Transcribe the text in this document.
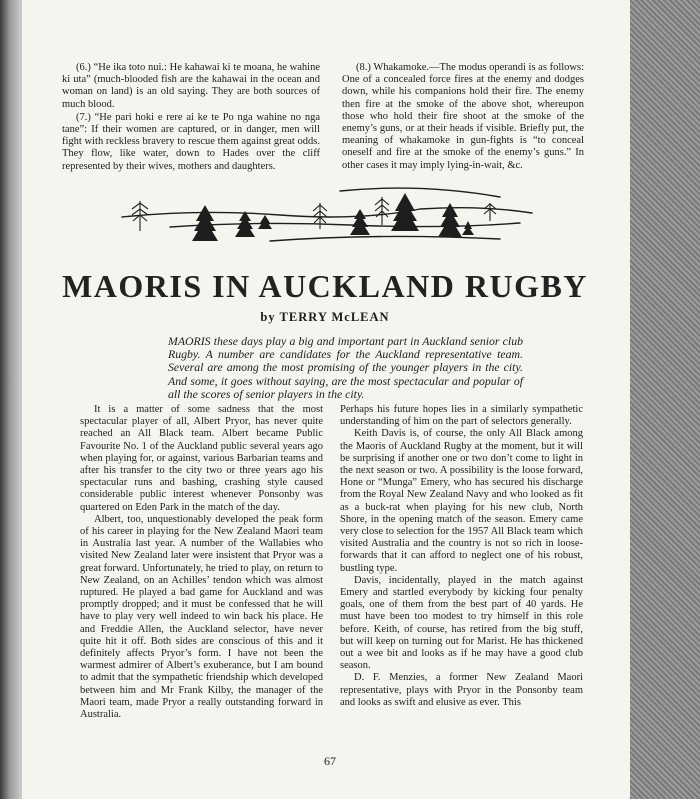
(6.) “He ika toto nui.: He kahawai ki te moana, he wahine ki uta” (much-blooded fish are the kahawai in the ocean and woman on land) is an old saying. They are both sources of much blood.

(7.) “He pari hoki e rere ai ke te Po nga wahine no nga tane”: If their women are captured, or in danger, men will fight with reckless bravery to rescue them against great odds. They flow, like water, down to Hades over the cliff represented by their wives, mothers and daughters.

(8.) Whakamoke.—The modus operandi is as follows: One of a concealed force fires at the enemy and dodges down, while his companions hold their fire. The enemy then fire at the smoke of the above shot, whereupon those who hold their fire shoot at the smoke of the enemy’s guns, or at their heads if visible. Briefly put, the meaning of whakamoke in gun-fights is “to conceal oneself and fire at the smoke of the enemy’s guns.” In other cases it may imply lying-in-wait, &c.

MAORIS IN AUCKLAND RUGBY
by TERRY McLEAN
MAORIS these days play a big and important part in Auckland senior club Rugby. A number are candidates for the Auckland representative team. Several are among the most promising of the younger players in the city. And some, it goes without saying, are the most spectacular and popular of all the scores of senior players in the city.

It is a matter of some sadness that the most spectacular player of all, Albert Pryor, has never quite reached an All Black team. Albert became Public Favourite No. 1 of the Auckland public several years ago when playing for, or against, various Barbarian teams and after his transfer to the city two or three years ago his spectacular runs and bashing, crashing style caused considerable public interest whenever Ponsonby was quartered on Eden Park in the match of the day.

Albert, too, unquestionably developed the peak form of his career in playing for the New Zealand Maori team in Australia last year. A number of the Wallabies who visited New Zealand later were insistent that Pryor was a great forward. Unfortunately, he tried to play, on return to New Zealand, on an Achilles’ tendon which was almost ruptured. He played a bad game for Auckland and was promptly dropped; and it must be confessed that he will have to play very well indeed to win back his place. He and Freddie Allen, the Auckland selector, have never quite hit it off. Both sides are conscious of this and it definitely affects Pryor’s form. I have not been the warmest admirer of Albert’s exuberance, but I am bound to admit that the sympathetic friendship which developed between him and Mr Frank Kilby, the manager of the Maori team, made Pryor a really outstanding forward in Australia.

Perhaps his future hopes lies in a similarly sympathetic understanding of him on the part of selectors generally.

Keith Davis is, of course, the only All Black among the Maoris of Auckland Rugby at the moment, but it will be surprising if another one or two don’t come to light in the next season or two. A possibility is the loose forward, Hone or “Munga” Emery, who has secured his discharge from the Royal New Zealand Navy and who looked as fit as a buck-rat when playing for his new club, North Shore, in the opening match of the season. Emery came very close to selection for the 1957 All Black team which visited Australia and the country is not so rich in loose-forwards that it can afford to neglect one of his robust, bustling type.

Davis, incidentally, played in the match against Emery and startled everybody by kicking four penalty goals, one of them from the best part of 40 yards. He must have been too modest to try himself in this role before. Keith, of course, has retired from the big stuff, but will keep on turning out for Marist. He has thickened out a wee bit and looks as if he may have a good club season.

D. F. Menzies, a former New Zealand Maori representative, plays with Pryor in the Ponsonby team and looks as swift and elusive as ever. This

67
